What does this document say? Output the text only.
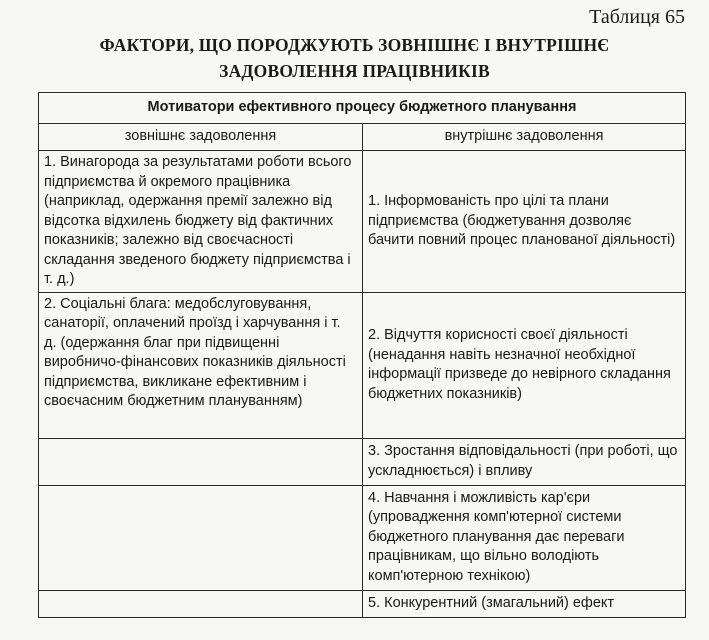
Таблиця 65
ФАКТОРИ, ЩО ПОРОДЖУЮТЬ ЗОВНІШНЄ І ВНУТРІШНЄ
ЗАДОВОЛЕННЯ ПРАЦІВНИКІВ
Мотиватори ефективного процесу бюджетного планування	
зовнішнє задоволення	внутрішнє задоволення
1. Винагорода за результатами роботи всього підприємства й окремого працівника (наприклад, одержання премії залежно від відсотка відхилень бюджету від фактичних показників; залежно від своєчасності складання зведеного бюджету підприємства і т. д.)	1. Інформованість про цілі та плани підприємства (бюджетування дозволяє бачити повний процес планованої діяльності)
2. Соціальні блага: медобслуговування, санаторії, оплачений проїзд і харчування і т. д. (одержання благ при підвищенні виробничо-фінансових показників діяльності підприємства, викликане ефективним і своєчасним бюджетним плануванням)	2. Відчуття корисності своєї діяльності (ненадання навіть незначної необхідної інформації призведе до невірного складання бюджетних показників)
	3. Зростання відповідальності (при роботі, що ускладнюється) і впливу
	4. Навчання і можливість кар'єри (упровадження комп'ютерної системи бюджетного планування дає переваги працівникам, що вільно володіють комп'ютерною технікою)
	5. Конкурентний (змагальний) ефект
